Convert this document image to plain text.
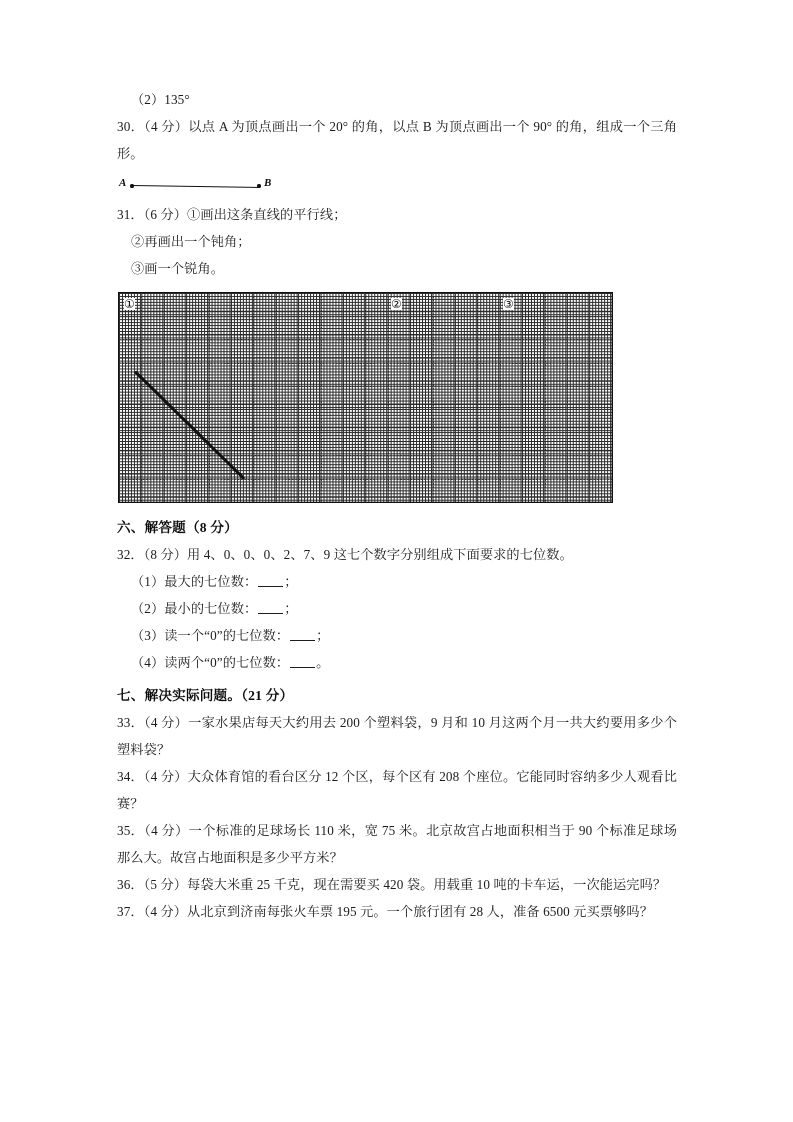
（2）135°

30．（4 分）以点 A 为顶点画出一个 20° 的角，以点 B 为顶点画出一个 90° 的角，组成一个三角形。

A	B

31．（6 分）①画出这条直线的平行线；

②再画出一个钝角；

③画一个锐角。

①	②	③

六、解答题（8 分）

32．（8 分）用 4、0、0、0、2、7、9 这七个数字分别组成下面要求的七位数。

（1）最大的七位数： ；

（2）最小的七位数： ；

（3）读一个“0”的七位数： ；

（4）读两个“0”的七位数： 。

七、解决实际问题。（21 分）

33．（4 分）一家水果店每天大约用去 200 个塑料袋，9 月和 10 月这两个月一共大约要用多少个塑料袋？

34．（4 分）大众体育馆的看台区分 12 个区，每个区有 208 个座位。它能同时容纳多少人观看比赛？

35．（4 分）一个标准的足球场长 110 米，宽 75 米。北京故宫占地面积相当于 90 个标准足球场那么大。故宫占地面积是多少平方米？

36．（5 分）每袋大米重 25 千克，现在需要买 420 袋。用载重 10 吨的卡车运，一次能运完吗？

37．（4 分）从北京到济南每张火车票 195 元。一个旅行团有 28 人，准备 6500 元买票够吗？
